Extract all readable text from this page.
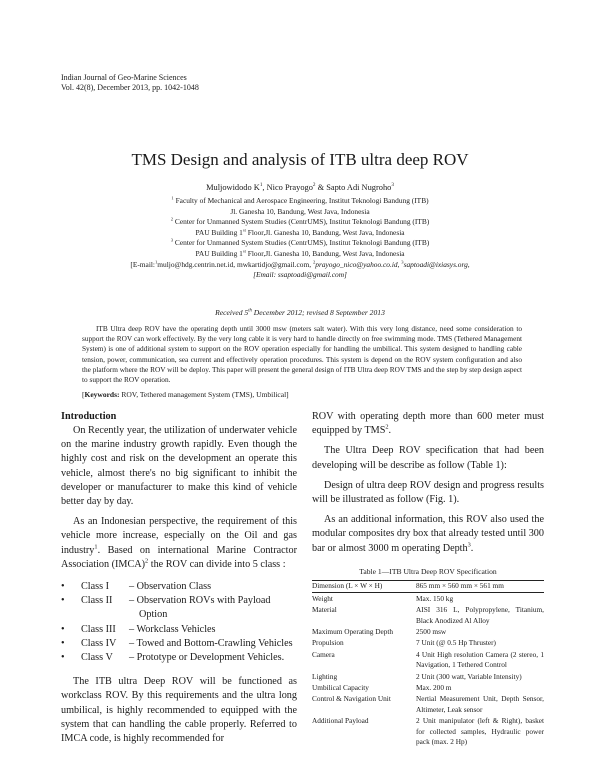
Indian Journal of Geo-Marine Sciences
Vol. 42(8), December 2013, pp. 1042-1048
TMS Design and analysis of ITB ultra deep ROV
Muljowidodo $K^1$, Nico Prayogo$^2$ & Sapto Adi Nugroho$^3$
$^1$ Faculty of Mechanical and Aerospace Engineering, Institut Teknologi Bandung (ITB)
Jl. Ganesha 10, Bandung, West Java, Indonesia
$^2$ Center for Unmanned System Studies (CentrUMS), Institut Teknologi Bandung (ITB)
PAU Building 1st Floor,Jl. Ganesha 10, Bandung, West Java, Indonesia
$^3$ Center for Unmanned System Studies (CentrUMS), Institut Teknologi Bandung (ITB)
PAU Building 1st Floor,Jl. Ganesha 10, Bandung, West Java, Indonesia
[E-mail:$^1$muljo@hdg.centrin.net.id, mwkartidjo@gmail.com, $^2$prayogo_nico@yahoo.co.id, $^3$saptoadi@ixiasys.org,
[Email: ssaptoadi@gmail.com]
Received 5th December 2012; revised 8 September 2013

ITB Ultra deep ROV have the operating depth until 3000 msw (meters salt water). With this very long distance, need some consideration to support the ROV can work effectively. By the very long cable it is very hard to handle directly on free swimming mode. TMS (Tethered Management System) is one of additional system to support on the ROV operation especially for handling the umbilical. This system designed to handling cable tension, power, communication, sea current and effectively operation procedures. This system is depend on the ROV system configuration and also the platform where the ROV will be deploy. This paper will present the general design of ITB Ultra deep ROV TMS and the step by step design aspect to support the ROV operation.

[Keywords: ROV, Tethered management System (TMS), Umbilical]
Introduction

On Recently year, the utilization of underwater vehicle on the marine industry growth rapidly. Even though the highly cost and risk on the development an operate this vehicle, almost there's no big significant to inhibit the developer or manufacturer to make this kind of vehicle better day by day.

As an Indonesian perspective, the requirement of this vehicle more increase, especially on the Oil and gas industry$^1$. Based on international Marine Contractor Association (IMCA)$^2$ the ROV can divide into 5 class :

• Class I – Observation Class
• Class II – Observation ROVs with Payload Option
• Class III – Workclass Vehicles
• Class IV – Towed and Bottom-Crawling Vehicles
• Class V – Prototype or Development Vehicles.

The ITB ultra Deep ROV will be functioned as workclass ROV. By this requirements and the ultra long umbilical, is highly recommended to equipped with the system that can handling the cable properly. Referred to IMCA code, is highly recommended for

ROV with operating depth more than 600 meter must equipped by TMS$^2$.

The Ultra Deep ROV specification that had been developing will be describe as follow (Table 1):

Design of ultra deep ROV design and progress results will be illustrated as follow (Fig. 1).

As an additional information, this ROV also used the modular composites dry box that already tested until 300 bar or almost 3000 m operating Depth$^3$.

Table 1—ITB Ultra Deep ROV Specification
Dimension (L × W × H)	865 mm × 560 mm × 561 mm
Weight	Max. 150 kg
Material	AISI 316 L, Polypropylene, Titanium, Black Anodized Al Alloy
Maximum Operating Depth	2500 msw
Propulsion	7 Unit (@ 0.5 Hp Thruster)
Camera	4 Unit High resolution Camera (2 stereo, 1 Navigation, 1 Tethered Control
Lighting	2 Unit (300 watt, Variable Intensity)
Umbilical Capacity	Max. 200 m
Control & Navigation Unit	Nertial Measurement Unit, Depth Sensor, Altimeter, Leak sensor
Additional Payload	2 Unit manipulator (left & Right), basket for collected samples, Hydraulic power pack (max. 2 Hp)
